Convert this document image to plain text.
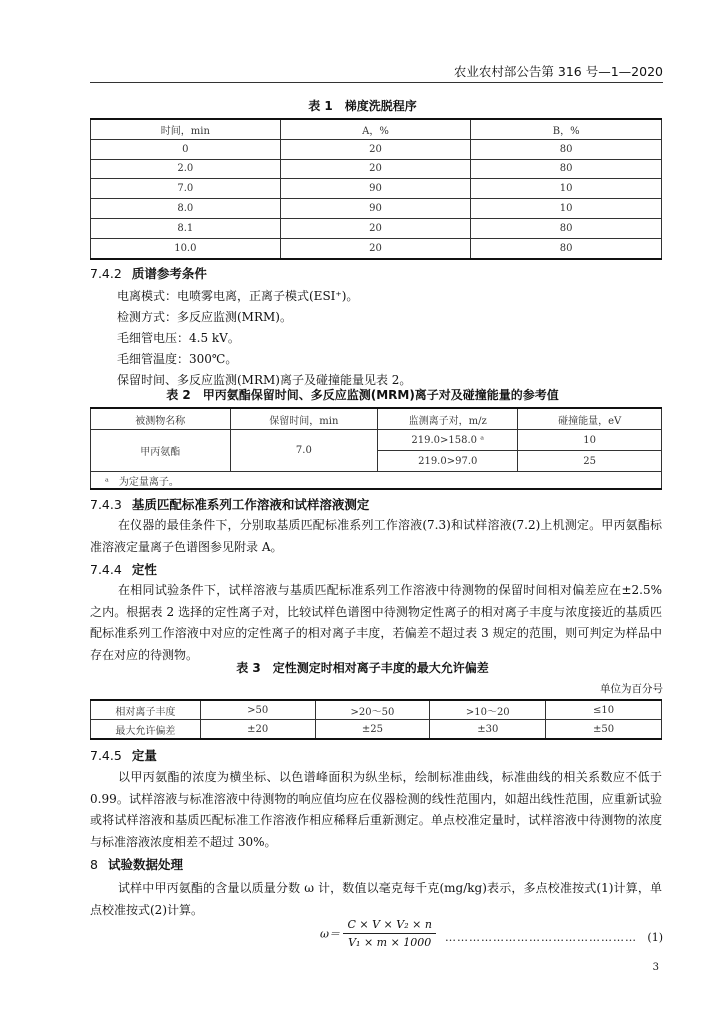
农业农村部公告第 316 号—1—2020
表 1　梯度洗脱程序
时间，min	A，%	B，%
0	20	80
2.0	20	80
7.0	90	10
8.0	90	10
8.1	20	80
10.0	20	80
7.4.2 质谱参考条件
电离模式：电喷雾电离，正离子模式(ESI⁺)。
检测方式：多反应监测(MRM)。
毛细管电压：4.5 kV。
毛细管温度：300℃。
保留时间、多反应监测(MRM)离子及碰撞能量见表 2。
表 2　甲丙氨酯保留时间、多反应监测(MRM)离子对及碰撞能量的参考值
被测物名称	保留时间，min	监测离子对，m/z	碰撞能量，eV
甲丙氨酯	7.0	219.0>158.0 ᵃ	10
		219.0>97.0	25
ᵃ　为定量离子。			
7.4.3 基质匹配标准系列工作溶液和试样溶液测定
在仪器的最佳条件下，分别取基质匹配标准系列工作溶液(7.3)和试样溶液(7.2)上机测定。甲丙氨酯标准溶液定量离子色谱图参见附录 A。
7.4.4 定性
在相同试验条件下，试样溶液与基质匹配标准系列工作溶液中待测物的保留时间相对偏差应在±2.5%之内。根据表 2 选择的定性离子对，比较试样色谱图中待测物定性离子的相对离子丰度与浓度接近的基质匹配标准系列工作溶液中对应的定性离子的相对离子丰度，若偏差不超过表 3 规定的范围，则可判定为样品中存在对应的待测物。
表 3　定性测定时相对离子丰度的最大允许偏差
单位为百分号
相对离子丰度	>50	>20～50	>10～20	≤10
最大允许偏差	±20	±25	±30	±50
7.4.5 定量
以甲丙氨酯的浓度为横坐标、以色谱峰面积为纵坐标，绘制标准曲线，标准曲线的相关系数应不低于 0.99。试样溶液与标准溶液中待测物的响应值均应在仪器检测的线性范围内，如超出线性范围，应重新试验或将试样溶液和基质匹配标准工作溶液作相应稀释后重新测定。单点校准定量时，试样溶液中待测物的浓度与标准溶液浓度相差不超过 30%。
8 试验数据处理
试样中甲丙氨酯的含量以质量分数 ω 计，数值以毫克每千克(mg/kg)表示，多点校准按式(1)计算，单点校准按式(2)计算。
$\omega= \frac{\text{C × V × V₂ × n}}{\text{V₁ × m × 1000}}$ ………………………………………… (1)
3
